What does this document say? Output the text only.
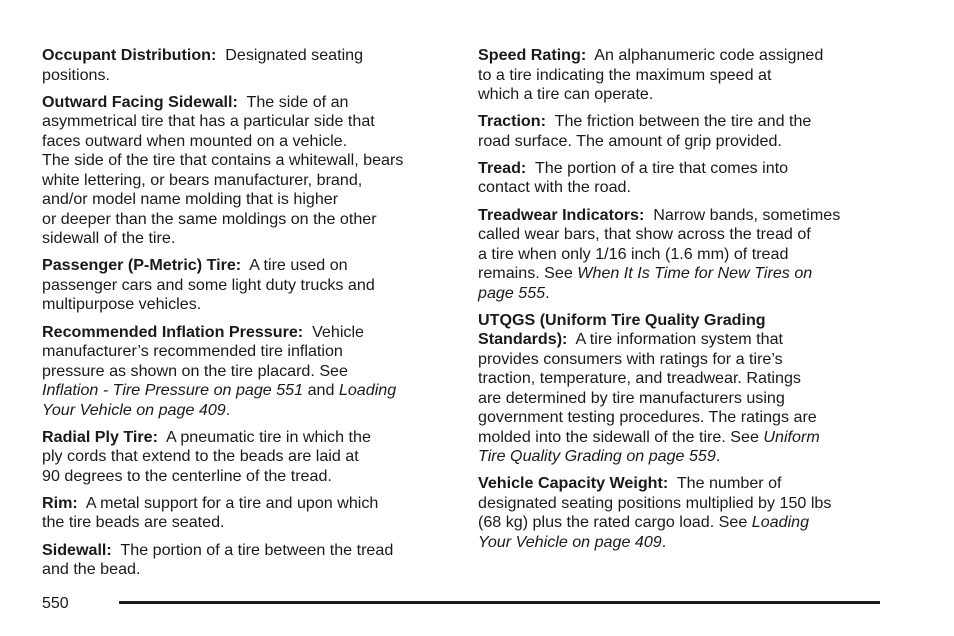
Occupant Distribution:  Designated seating
positions.

Outward Facing Sidewall:  The side of an
asymmetrical tire that has a particular side that
faces outward when mounted on a vehicle.
The side of the tire that contains a whitewall, bears
white lettering, or bears manufacturer, brand,
and/or model name molding that is higher
or deeper than the same moldings on the other
sidewall of the tire.

Passenger (P-Metric) Tire:  A tire used on
passenger cars and some light duty trucks and
multipurpose vehicles.

Recommended Inflation Pressure:  Vehicle
manufacturer’s recommended tire inflation
pressure as shown on the tire placard. See
Inflation - Tire Pressure on page 551 and Loading
Your Vehicle on page 409.

Radial Ply Tire:  A pneumatic tire in which the
ply cords that extend to the beads are laid at
90 degrees to the centerline of the tread.

Rim:  A metal support for a tire and upon which
the tire beads are seated.

Sidewall:  The portion of a tire between the tread
and the bead.

Speed Rating:  An alphanumeric code assigned
to a tire indicating the maximum speed at
which a tire can operate.

Traction:  The friction between the tire and the
road surface. The amount of grip provided.

Tread:  The portion of a tire that comes into
contact with the road.

Treadwear Indicators:  Narrow bands, sometimes
called wear bars, that show across the tread of
a tire when only 1/16 inch (1.6 mm) of tread
remains. See When It Is Time for New Tires on
page 555.

UTQGS (Uniform Tire Quality Grading
Standards):  A tire information system that
provides consumers with ratings for a tire’s
traction, temperature, and treadwear. Ratings
are determined by tire manufacturers using
government testing procedures. The ratings are
molded into the sidewall of the tire. See Uniform
Tire Quality Grading on page 559.

Vehicle Capacity Weight:  The number of
designated seating positions multiplied by 150 lbs
(68 kg) plus the rated cargo load. See Loading
Your Vehicle on page 409.

550
